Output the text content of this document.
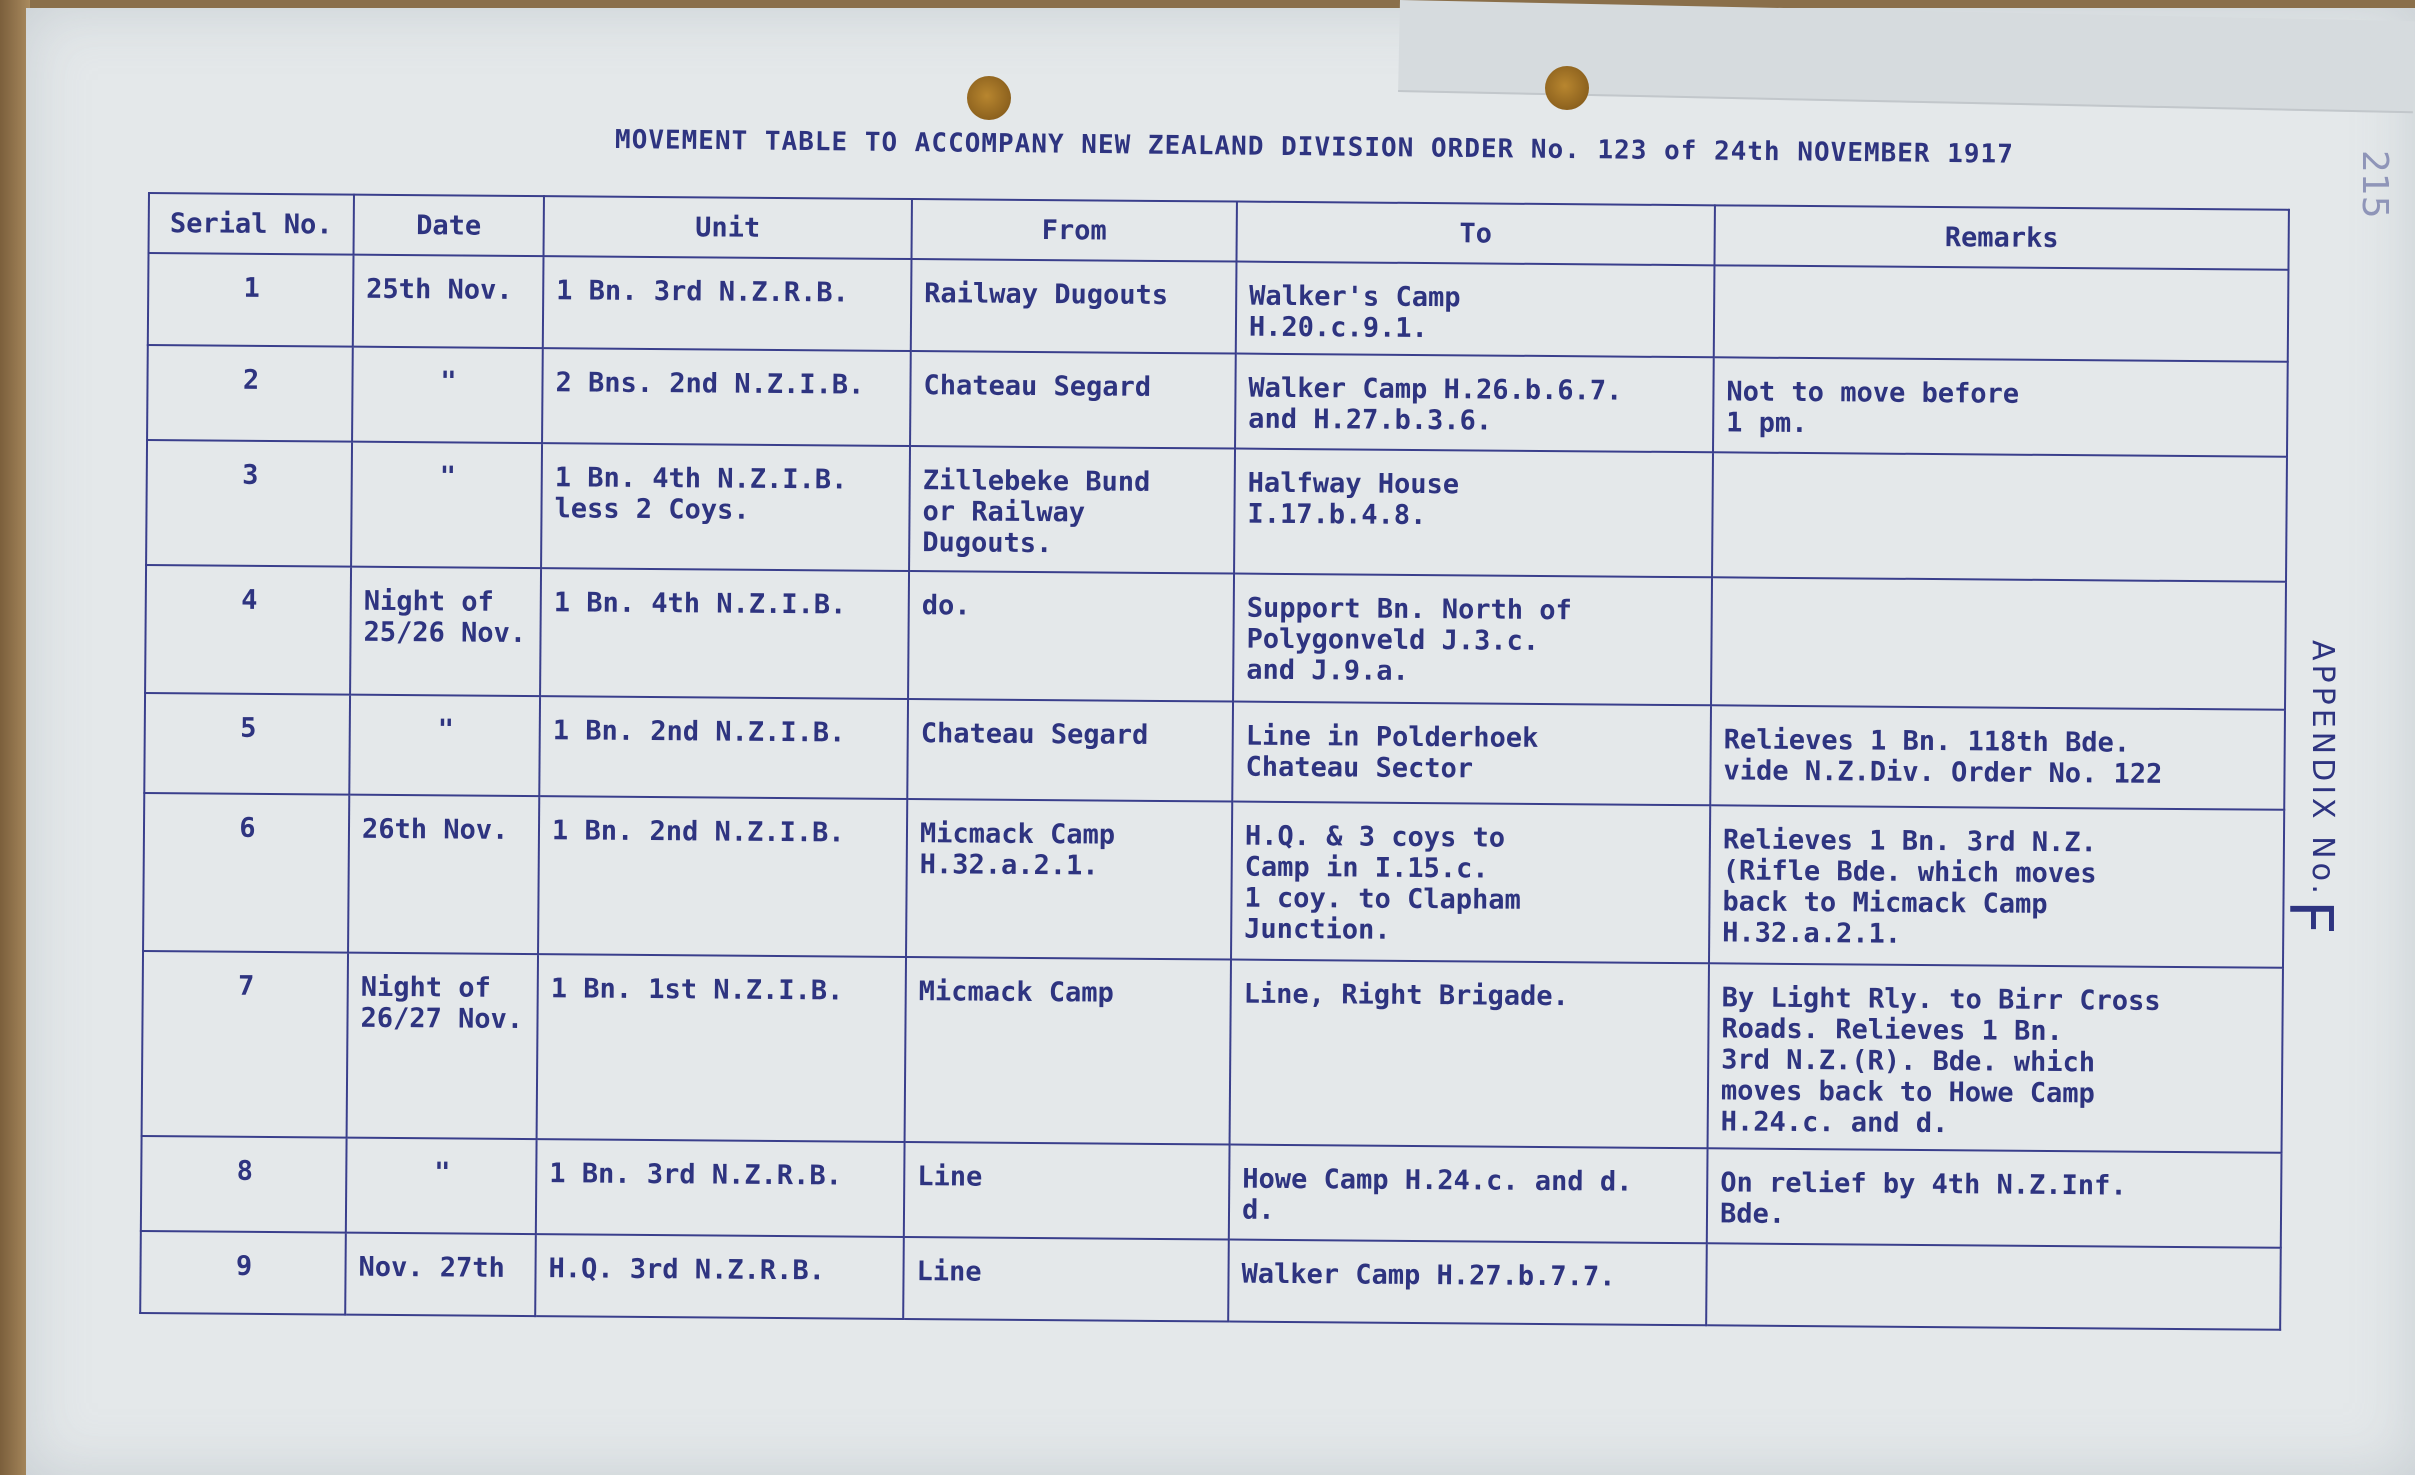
MOVEMENT TABLE TO ACCOMPANY NEW ZEALAND DIVISION ORDER No. 123 of 24th NOVEMBER 1917
Serial No.	Date	Unit	From	To	Remarks
1	25th Nov.	1 Bn. 3rd N.Z.R.B.	Railway Dugouts	Walker's Camp
H.20.c.9.1.	
2	"	2 Bns. 2nd N.Z.I.B.	Chateau Segard	Walker Camp H.26.b.6.7.
and H.27.b.3.6.	Not to move before
1 pm.
3	"	1 Bn. 4th N.Z.I.B.
less 2 Coys.	Zillebeke Bund
or Railway
Dugouts.	Halfway House
I.17.b.4.8.	
4	Night of
25/26 Nov.	1 Bn. 4th N.Z.I.B.	do.	Support Bn. North of
Polygonveld J.3.c.
and J.9.a.	
5	"	1 Bn. 2nd N.Z.I.B.	Chateau Segard	Line in Polderhoek
Chateau Sector	Relieves 1 Bn. 118th Bde.
vide N.Z.Div. Order No. 122
6	26th Nov.	1 Bn. 2nd N.Z.I.B.	Micmack Camp
H.32.a.2.1.	H.Q. & 3 coys to
Camp in I.15.c.
1 coy. to Clapham
Junction.	Relieves 1 Bn. 3rd N.Z.
(Rifle Bde. which moves
back to Micmack Camp
H.32.a.2.1.
7	Night of
26/27 Nov.	1 Bn. 1st N.Z.I.B.	Micmack Camp	Line, Right Brigade.	By Light Rly. to Birr Cross
Roads. Relieves 1 Bn.
3rd N.Z.(R). Bde. which
moves back to Howe Camp
H.24.c. and d.
8	"	1 Bn. 3rd N.Z.R.B.	Line	Howe Camp H.24.c. and d.
d.	On relief by 4th N.Z.Inf.
Bde.
9	Nov. 27th	H.Q. 3rd N.Z.R.B.	Line	Walker Camp H.27.b.7.7.	
APPENDIX No.
F
215
